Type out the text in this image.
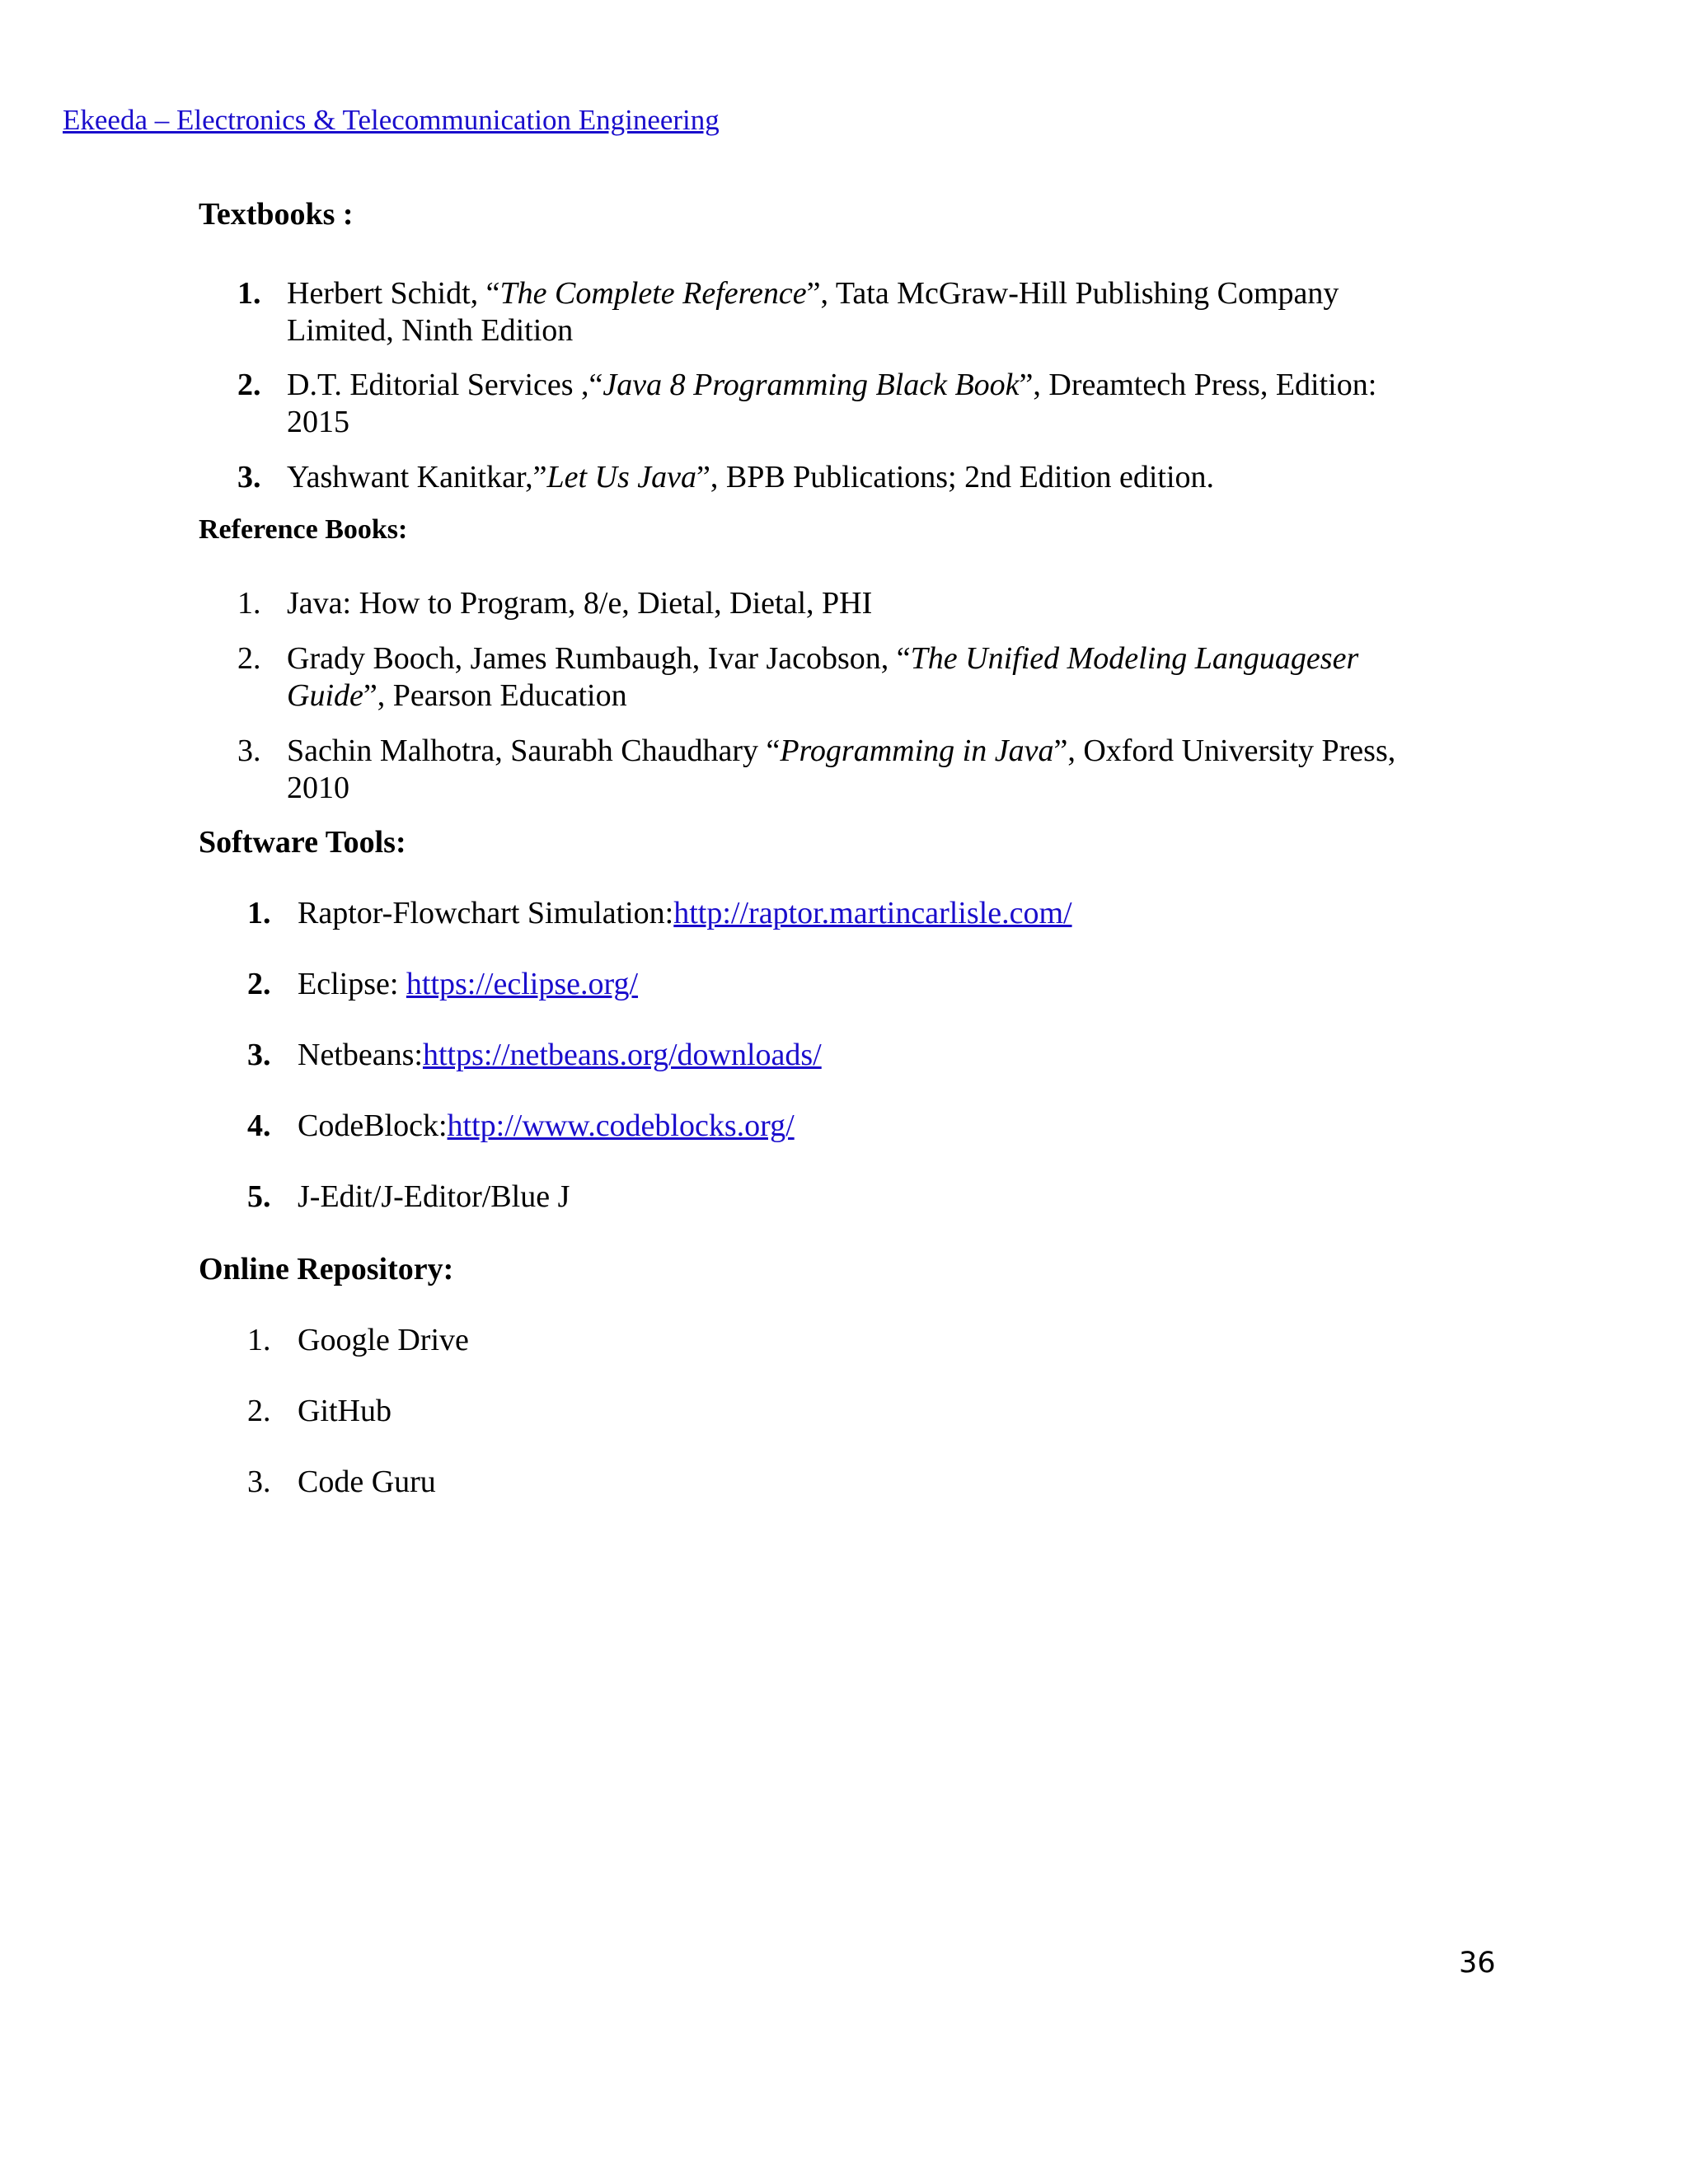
Ekeeda – Electronics & Telecommunication Engineering
Textbooks :
1. Herbert Schidt, “The Complete Reference”, Tata McGraw-Hill Publishing Company
Limited, Ninth Edition
2. D.T. Editorial Services ,“Java 8 Programming Black Book”, Dreamtech Press, Edition:
2015
3. Yashwant Kanitkar,”Let Us Java”, BPB Publications; 2nd Edition edition.
Reference Books:
1. Java: How to Program, 8/e, Dietal, Dietal, PHI
2. Grady Booch, James Rumbaugh, Ivar Jacobson, “The Unified Modeling Languageser
Guide”, Pearson Education
3. Sachin Malhotra, Saurabh Chaudhary “Programming in Java”, Oxford University Press,
2010
Software Tools:
1. Raptor-Flowchart Simulation:http://raptor.martincarlisle.com/
2. Eclipse: https://eclipse.org/
3. Netbeans:https://netbeans.org/downloads/
4. CodeBlock:http://www.codeblocks.org/
5. J-Edit/J-Editor/Blue J
Online Repository:
1. Google Drive
2. GitHub
3. Code Guru
36
